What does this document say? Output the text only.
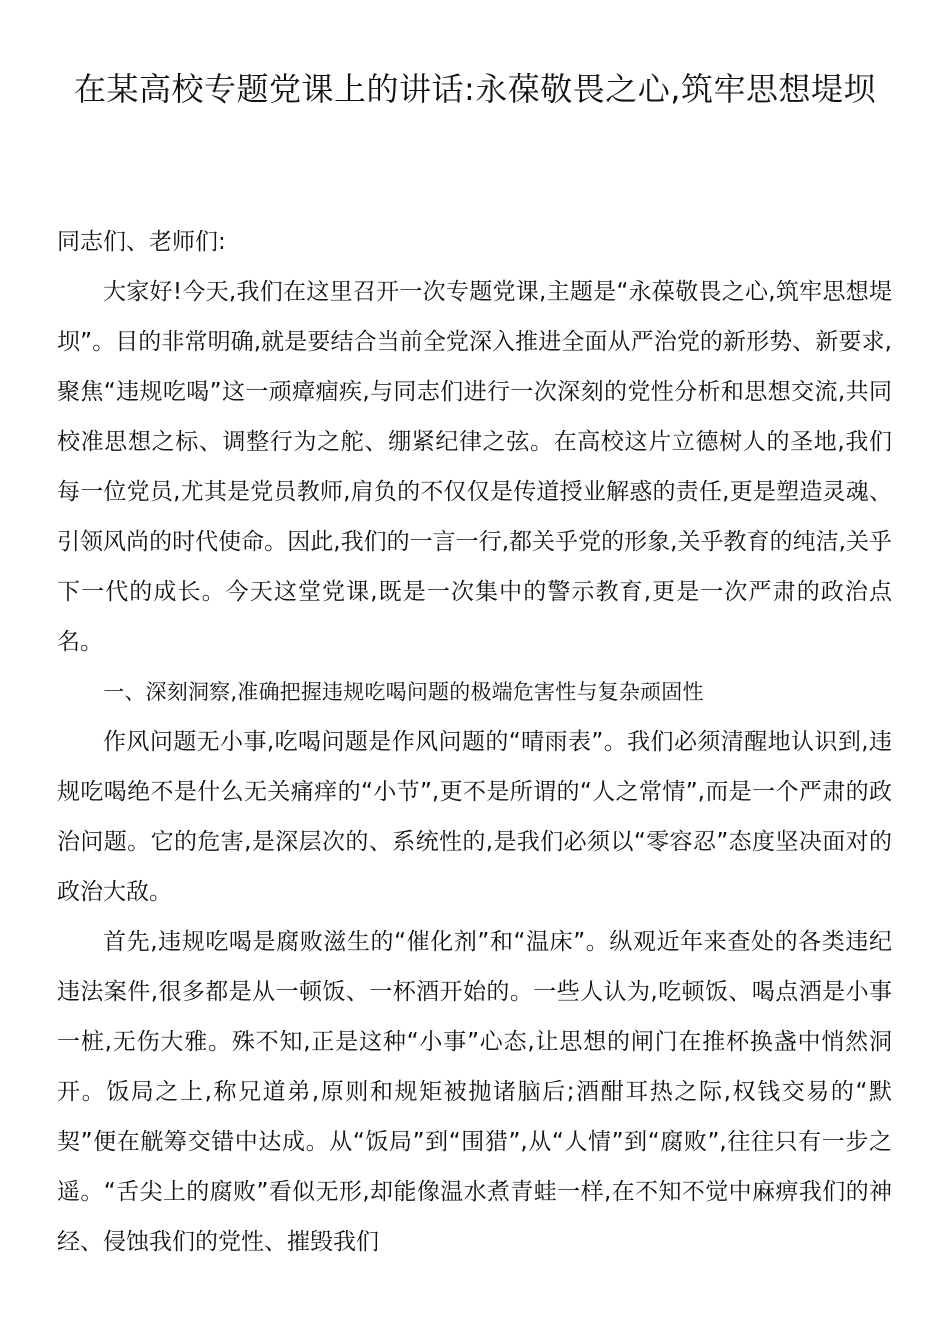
在某高校专题党课上的讲话:永葆敬畏之心,筑牢思想堤坝

同志们、老师们:

大家好!今天,我们在这里召开一次专题党课,主题是“永葆敬畏之心,筑牢思想堤坝”。目的非常明确,就是要结合当前全党深入推进全面从严治党的新形势、新要求,聚焦“违规吃喝”这一顽瘴痼疾,与同志们进行一次深刻的党性分析和思想交流,共同校准思想之标、调整行为之舵、绷紧纪律之弦。在高校这片立德树人的圣地,我们每一位党员,尤其是党员教师,肩负的不仅仅是传道授业解惑的责任,更是塑造灵魂、引领风尚的时代使命。因此,我们的一言一行,都关乎党的形象,关乎教育的纯洁,关乎下一代的成长。今天这堂党课,既是一次集中的警示教育,更是一次严肃的政治点名。

一、深刻洞察,准确把握违规吃喝问题的极端危害性与复杂顽固性

作风问题无小事,吃喝问题是作风问题的“晴雨表”。我们必须清醒地认识到,违规吃喝绝不是什么无关痛痒的“小节”,更不是所谓的“人之常情”,而是一个严肃的政治问题。它的危害,是深层次的、系统性的,是我们必须以“零容忍”态度坚决面对的政治大敌。

首先,违规吃喝是腐败滋生的“催化剂”和“温床”。纵观近年来查处的各类违纪违法案件,很多都是从一顿饭、一杯酒开始的。一些人认为,吃顿饭、喝点酒是小事一桩,无伤大雅。殊不知,正是这种“小事”心态,让思想的闸门在推杯换盏中悄然洞开。饭局之上,称兄道弟,原则和规矩被抛诸脑后;酒酣耳热之际,权钱交易的“默契”便在觥筹交错中达成。从“饭局”到“围猎”,从“人情”到“腐败”,往往只有一步之遥。“舌尖上的腐败”看似无形,却能像温水煮青蛙一样,在不知不觉中麻痹我们的神经、侵蚀我们的党性、摧毁我们
